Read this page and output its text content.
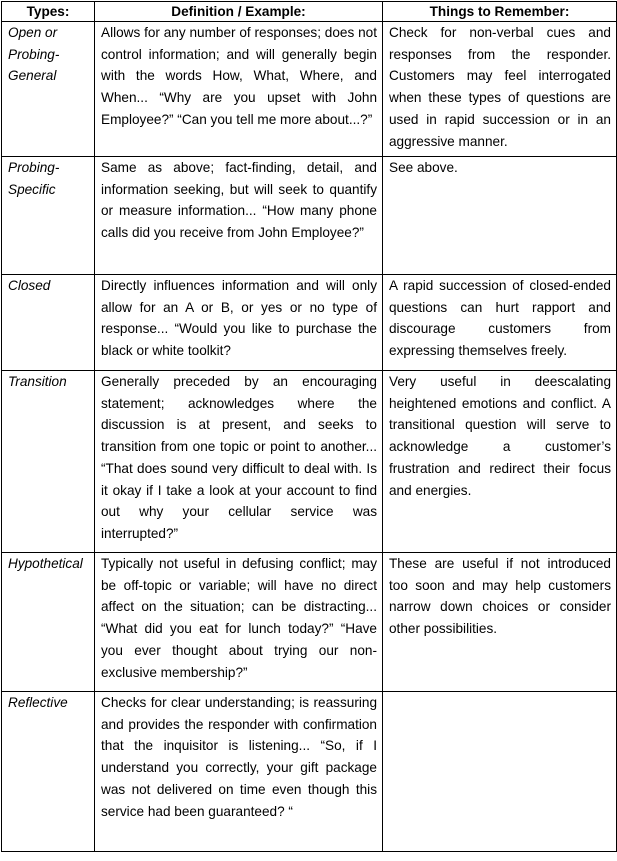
Types:	Definition / Example:	Things to Remember:
Open or Probing-General	Allows for any number of responses; does not control information; and will generally begin with the words How, What, Where, and When... “Why are you upset with John Employee?” “Can you tell me more about...?”	Check for non-verbal cues and responses from the responder. Customers may feel interrogated when these types of questions are used in rapid succession or in an aggressive manner.
Probing-Specific	Same as above; fact-finding, detail, and information seeking, but will seek to quantify or measure information... “How many phone calls did you receive from John Employee?”	See above.
Closed	Directly influences information and will only allow for an A or B, or yes or no type of response... “Would you like to purchase the black or white toolkit?	A rapid succession of closed-ended questions can hurt rapport and discourage customers from expressing themselves freely.
Transition	Generally preceded by an encouraging statement; acknowledges where the discussion is at present, and seeks to transition from one topic or point to another... “That does sound very difficult to deal with. Is it okay if I take a look at your account to find out why your cellular service was interrupted?”	Very useful in deescalating heightened emotions and conflict. A transitional question will serve to acknowledge a customer’s frustration and redirect their focus and energies.
Hypothetical	Typically not useful in defusing conflict; may be off-topic or variable; will have no direct affect on the situation; can be distracting... “What did you eat for lunch today?” “Have you ever thought about trying our non-exclusive membership?”	These are useful if not introduced too soon and may help customers narrow down choices or consider other possibilities.
Reflective	Checks for clear understanding; is reassuring and provides the responder with confirmation that the inquisitor is listening... “So, if I understand you correctly, your gift package was not delivered on time even though this service had been guaranteed? “	
